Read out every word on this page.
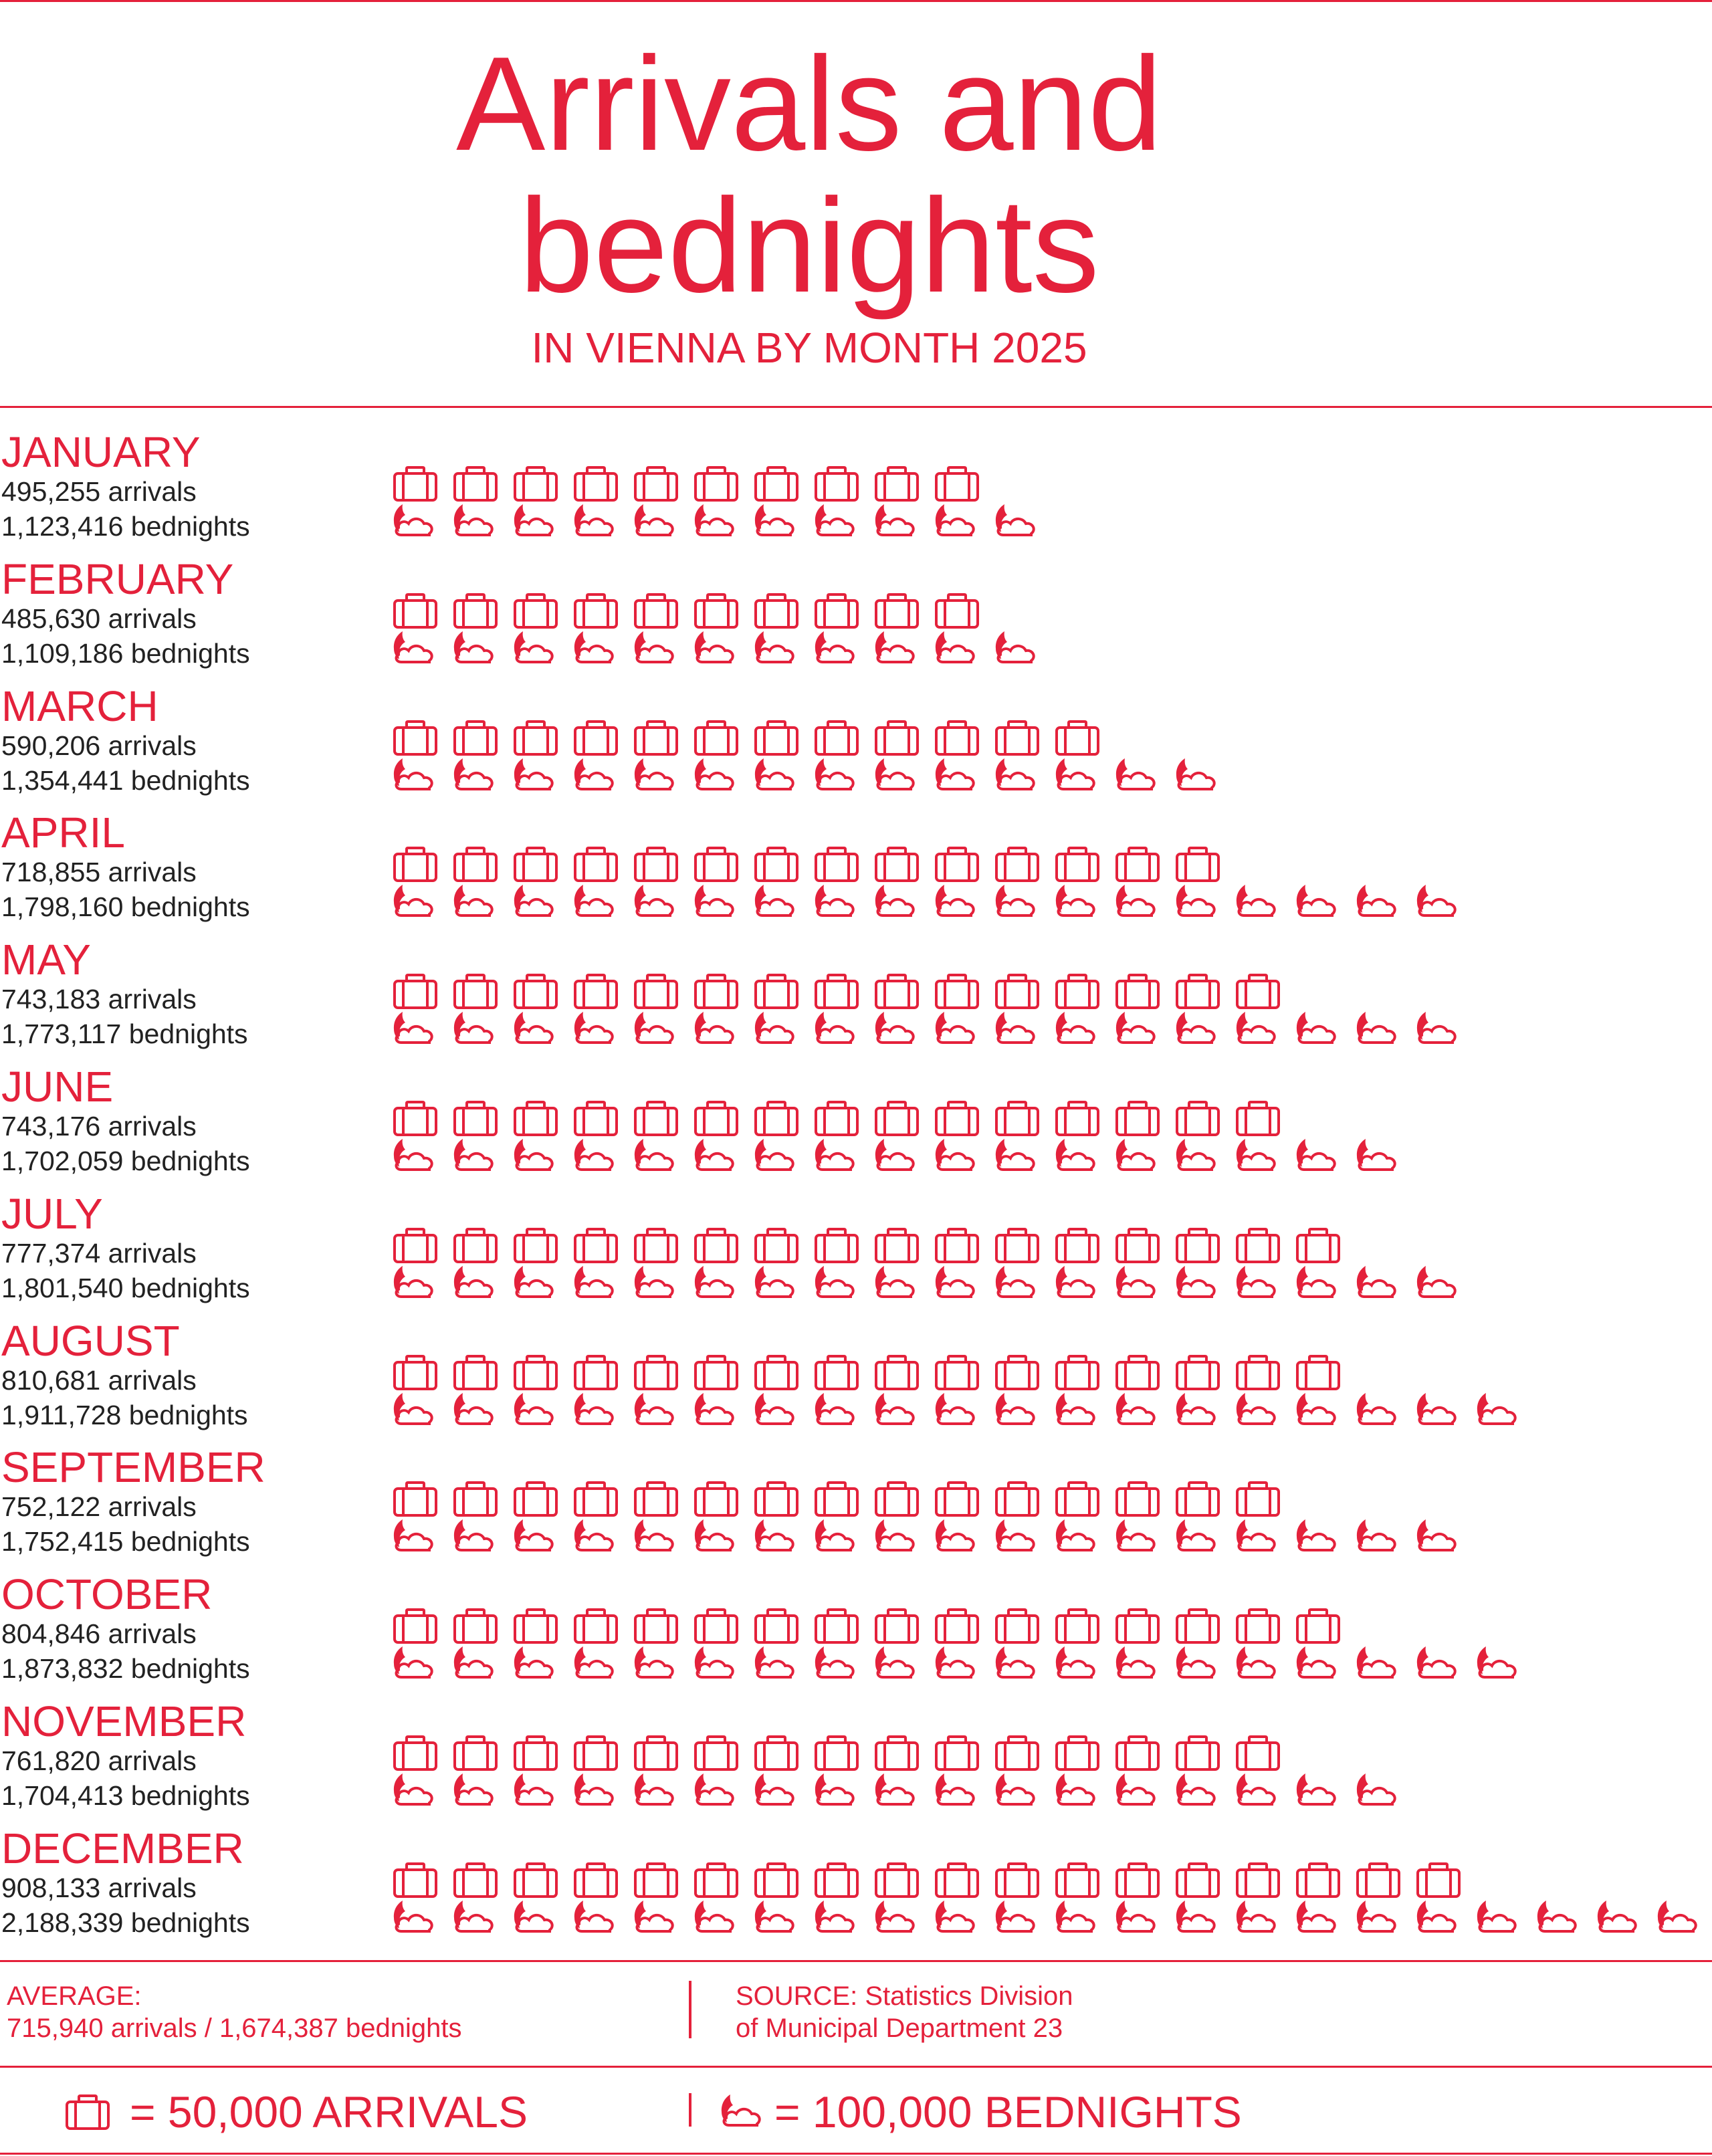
Arrivals and
bednights
IN VIENNA BY MONTH 2025
JANUARY
495,255 arrivals
1,123,416 bednights
FEBRUARY
485,630 arrivals
1,109,186 bednights
MARCH
590,206 arrivals
1,354,441 bednights
APRIL
718,855 arrivals
1,798,160 bednights
MAY
743,183 arrivals
1,773,117 bednights
JUNE
743,176 arrivals
1,702,059 bednights
JULY
777,374 arrivals
1,801,540 bednights
AUGUST
810,681 arrivals
1,911,728 bednights
SEPTEMBER
752,122 arrivals
1,752,415 bednights
OCTOBER
804,846 arrivals
1,873,832 bednights
NOVEMBER
761,820 arrivals
1,704,413 bednights
DECEMBER
908,133 arrivals
2,188,339 bednights
AVERAGE:
715,940 arrivals / 1,674,387 bednights
SOURCE: Statistics Division
of Municipal Department 23
= 50,000 ARRIVALS	= 100,000 BEDNIGHTS
